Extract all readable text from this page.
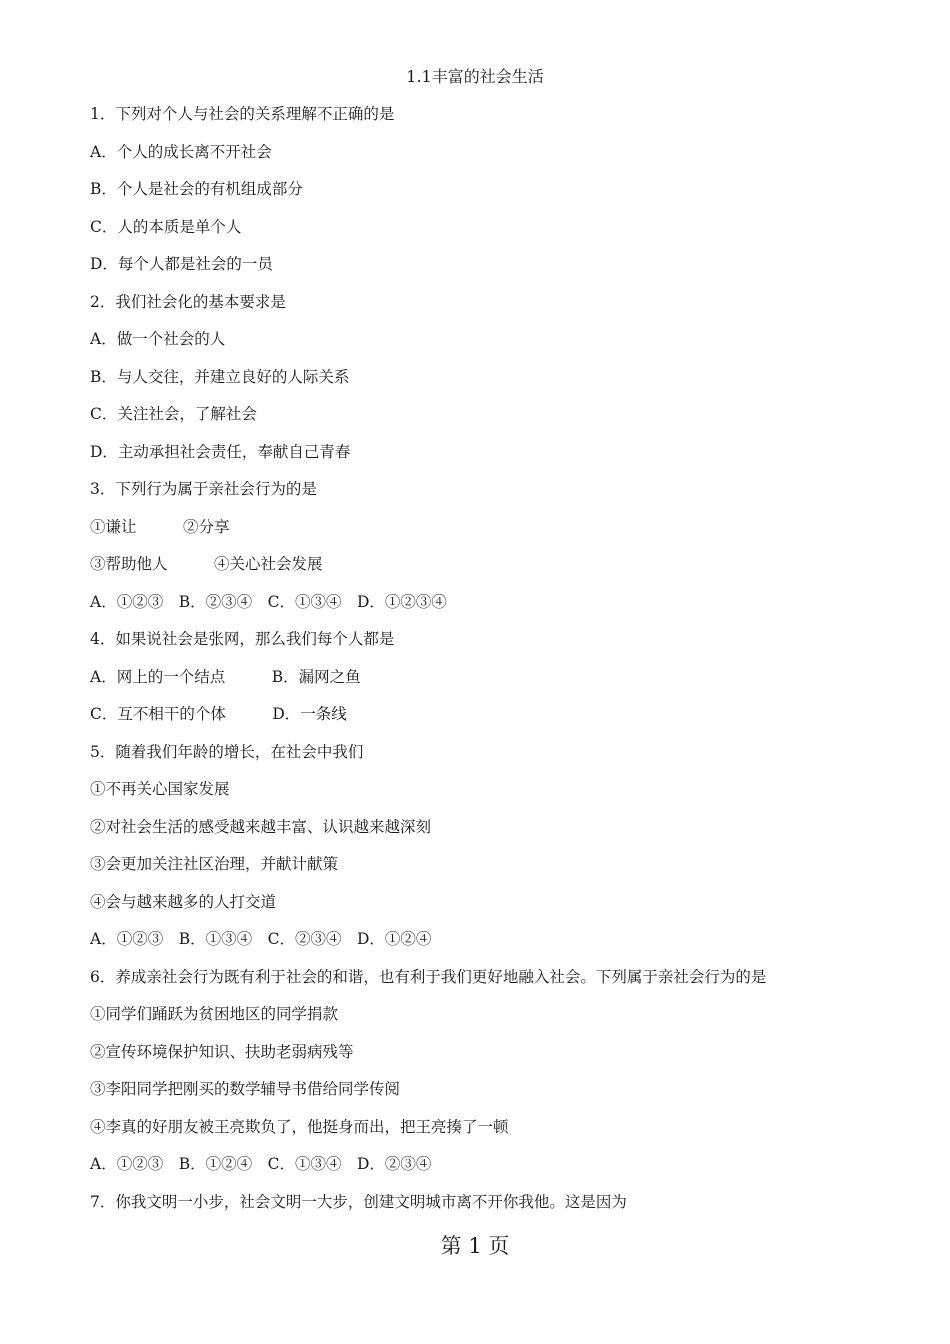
1.1丰富的社会生活
1．下列对个人与社会的关系理解不正确的是
A．个人的成长离不开社会
B．个人是社会的有机组成部分
C．人的本质是单个人
D．每个人都是社会的一员
2．我们社会化的基本要求是
A．做一个社会的人
B．与人交往，并建立良好的人际关系
C．关注社会，了解社会
D．主动承担社会责任，奉献自己青春
3．下列行为属于亲社会行为的是
①谦让　　　②分享
③帮助他人　　　④关心社会发展
A．①②③　B．②③④　C．①③④　D．①②③④
4．如果说社会是张网，那么我们每个人都是
A．网上的一个结点　　　B．漏网之鱼
C．互不相干的个体　　　D．一条线
5．随着我们年龄的增长，在社会中我们
①不再关心国家发展
②对社会生活的感受越来越丰富、认识越来越深刻
③会更加关注社区治理，并献计献策
④会与越来越多的人打交道
A．①②③　B．①③④　C．②③④　D．①②④
6．养成亲社会行为既有利于社会的和谐，也有利于我们更好地融入社会。下列属于亲社会行为的是
①同学们踊跃为贫困地区的同学捐款
②宣传环境保护知识、扶助老弱病残等
③李阳同学把刚买的数学辅导书借给同学传阅
④李真的好朋友被王亮欺负了，他挺身而出，把王亮揍了一顿
A．①②③　B．①②④　C．①③④　D．②③④
7．你我文明一小步，社会文明一大步，创建文明城市离不开你我他。这是因为
第 1 页
